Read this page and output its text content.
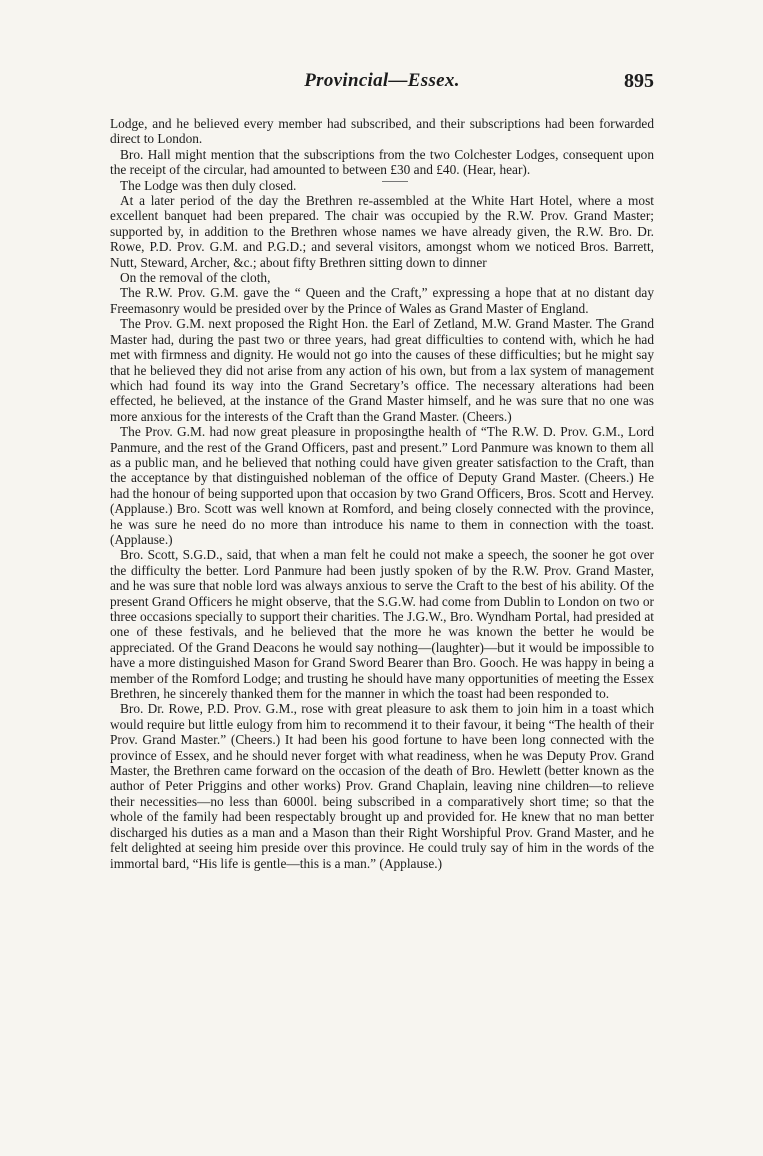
Provincial—Essex.	895

Lodge, and he believed every member had subscribed, and their subscriptions had been forwarded direct to London.

Bro. Hall might mention that the subscriptions from the two Colchester Lodges, consequent upon the receipt of the circular, had amounted to between £30 and £40. (Hear, hear).

The Lodge was then duly closed.

At a later period of the day the Brethren re-assembled at the White Hart Hotel, where a most excellent banquet had been prepared. The chair was occupied by the R.W. Prov. Grand Master; supported by, in addition to the Brethren whose names we have already given, the R.W. Bro. Dr. Rowe, P.D. Prov. G.M. and P.G.D.; and several visitors, amongst whom we noticed Bros. Barrett, Nutt, Steward, Archer, &c.; about fifty Brethren sitting down to dinner

On the removal of the cloth,

The R.W. Prov. G.M. gave the “ Queen and the Craft,” expressing a hope that at no distant day Freemasonry would be presided over by the Prince of Wales as Grand Master of England.

The Prov. G.M. next proposed the Right Hon. the Earl of Zetland, M.W. Grand Master. The Grand Master had, during the past two or three years, had great difficulties to contend with, which he had met with firmness and dignity. He would not go into the causes of these difficulties; but he might say that he believed they did not arise from any action of his own, but from a lax system of management which had found its way into the Grand Secretary’s office. The necessary alterations had been effected, he believed, at the instance of the Grand Master himself, and he was sure that no one was more anxious for the interests of the Craft than the Grand Master. (Cheers.)

The Prov. G.M. had now great pleasure in proposingthe health of “The R.W. D. Prov. G.M., Lord Panmure, and the rest of the Grand Officers, past and present.” Lord Panmure was known to them all as a public man, and he believed that nothing could have given greater satisfaction to the Craft, than the acceptance by that distinguished nobleman of the office of Deputy Grand Master. (Cheers.) He had the honour of being supported upon that occasion by two Grand Officers, Bros. Scott and Hervey. (Applause.) Bro. Scott was well known at Romford, and being closely connected with the province, he was sure he need do no more than introduce his name to them in connection with the toast. (Applause.)

Bro. Scott, S.G.D., said, that when a man felt he could not make a speech, the sooner he got over the difficulty the better. Lord Panmure had been justly spoken of by the R.W. Prov. Grand Master, and he was sure that noble lord was always anxious to serve the Craft to the best of his ability. Of the present Grand Officers he might observe, that the S.G.W. had come from Dublin to London on two or three occasions specially to support their charities. The J.G.W., Bro. Wyndham Portal, had presided at one of these festivals, and he believed that the more he was known the better he would be appreciated. Of the Grand Deacons he would say nothing—(laughter)—but it would be impossible to have a more distinguished Mason for Grand Sword Bearer than Bro. Gooch. He was happy in being a member of the Romford Lodge; and trusting he should have many opportunities of meeting the Essex Brethren, he sincerely thanked them for the manner in which the toast had been responded to.

Bro. Dr. Rowe, P.D. Prov. G.M., rose with great pleasure to ask them to join him in a toast which would require but little eulogy from him to recommend it to their favour, it being “The health of their Prov. Grand Master.” (Cheers.) It had been his good fortune to have been long connected with the province of Essex, and he should never forget with what readiness, when he was Deputy Prov. Grand Master, the Brethren came forward on the occasion of the death of Bro. Hewlett (better known as the author of Peter Priggins and other works) Prov. Grand Chaplain, leaving nine children—to relieve their necessities—no less than 6000l. being subscribed in a comparatively short time; so that the whole of the family had been respectably brought up and provided for. He knew that no man better discharged his duties as a man and a Mason than their Right Worshipful Prov. Grand Master, and he felt delighted at seeing him preside over this province. He could truly say of him in the words of the immortal bard, “His life is gentle—this is a man.” (Applause.)
